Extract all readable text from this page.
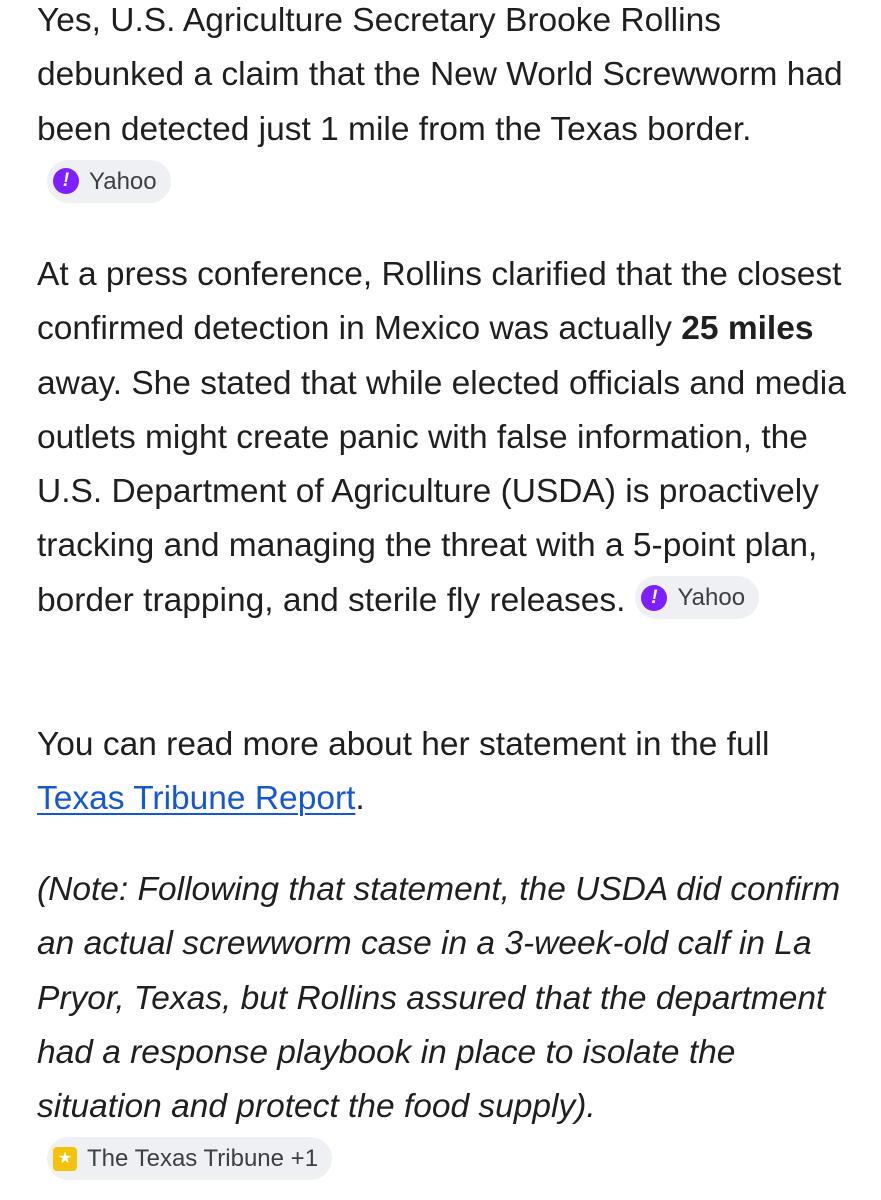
Yes, U.S. Agriculture Secretary Brooke Rollins debunked a claim that the New World Screwworm had been detected just 1 mile from the Texas border.
! Yahoo

At a press conference, Rollins clarified that the closest confirmed detection in Mexico was actually 25 miles away. She stated that while elected officials and media outlets might create panic with false information, the U.S. Department of Agriculture (USDA) is proactively tracking and managing the threat with a 5-point plan, border trapping, and sterile fly releases.	! Yahoo

You can read more about her statement in the full Texas Tribune Report.

(Note: Following that statement, the USDA did confirm an actual screwworm case in a 3-week-old calf in La Pryor, Texas, but Rollins assured that the department had a response playbook in place to isolate the situation and protect the food supply).
★ The Texas Tribune +1
